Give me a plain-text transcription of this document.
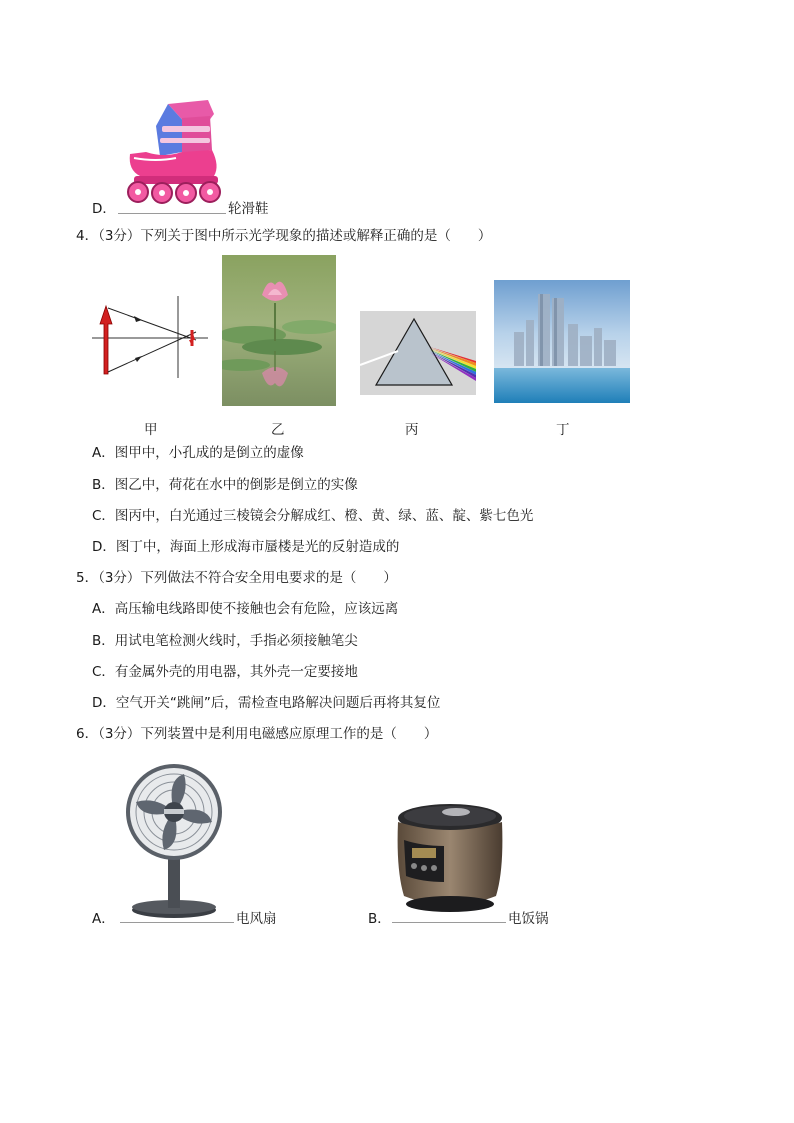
D．	轮滑鞋
4．（3分）下列关于图中所示光学现象的描述或解释正确的是（　　）
甲	乙	丙	丁
A．图甲中，小孔成的是倒立的虚像
B．图乙中，荷花在水中的倒影是倒立的实像
C．图丙中，白光通过三棱镜会分解成红、橙、黄、绿、蓝、靛、紫七色光
D．图丁中，海面上形成海市蜃楼是光的反射造成的
5．（3分）下列做法不符合安全用电要求的是（　　）
A．高压输电线路即使不接触也会有危险，应该远离
B．用试电笔检测火线时，手指必须接触笔尖
C．有金属外壳的用电器，其外壳一定要接地
D．空气开关“跳闸”后，需检查电路解决问题后再将其复位
6．（3分）下列装置中是利用电磁感应原理工作的是（　　）
A．	电风扇	B．	电饭锅
